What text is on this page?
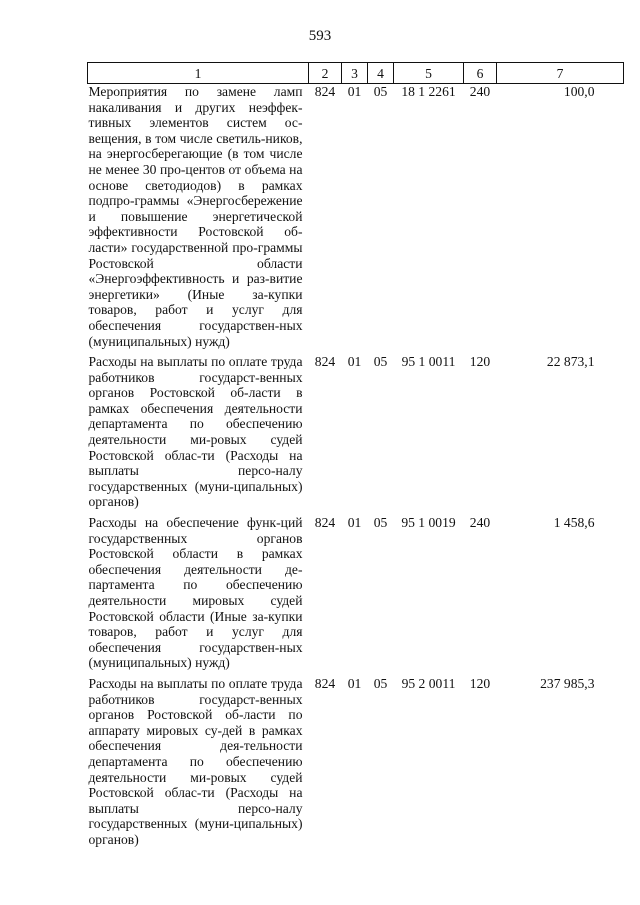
593
1	2	3	4	5	6	7
Мероприятия по замене ламп накаливания и других неэффек-тивных элементов систем ос-вещения, в том числе светиль-ников, на энергосберегающие (в том числе не менее 30 про-центов от объема на основе светодиодов) в рамках подпро-граммы «Энергосбережение и повышение энергетической эффективности Ростовской об-ласти» государственной про-граммы Ростовской области «Энергоэффективность и раз-витие энергетики» (Иные за-купки товаров, работ и услуг для обеспечения государствен-ных (муниципальных) нужд)	824	01	05	18 1 2261	240	100,0

Расходы на выплаты по оплате труда работников государст-венных органов Ростовской об-ласти в рамках обеспечения деятельности департамента по обеспечению деятельности ми-ровых судей Ростовской облас-ти (Расходы на выплаты персо-налу государственных (муни-ципальных) органов)	824	01	05	95 1 0011	120	22 873,1

Расходы на обеспечение функ-ций государственных органов Ростовской области в рамках обеспечения деятельности де-партамента по обеспечению деятельности мировых судей Ростовской области (Иные за-купки товаров, работ и услуг для обеспечения государствен-ных (муниципальных) нужд)	824	01	05	95 1 0019	240	1 458,6

Расходы на выплаты по оплате труда работников государст-венных органов Ростовской об-ласти по аппарату мировых су-дей в рамках обеспечения дея-тельности департамента по обеспечению деятельности ми-ровых судей Ростовской облас-ти (Расходы на выплаты персо-налу государственных (муни-ципальных) органов)	824	01	05	95 2 0011	120	237 985,3
